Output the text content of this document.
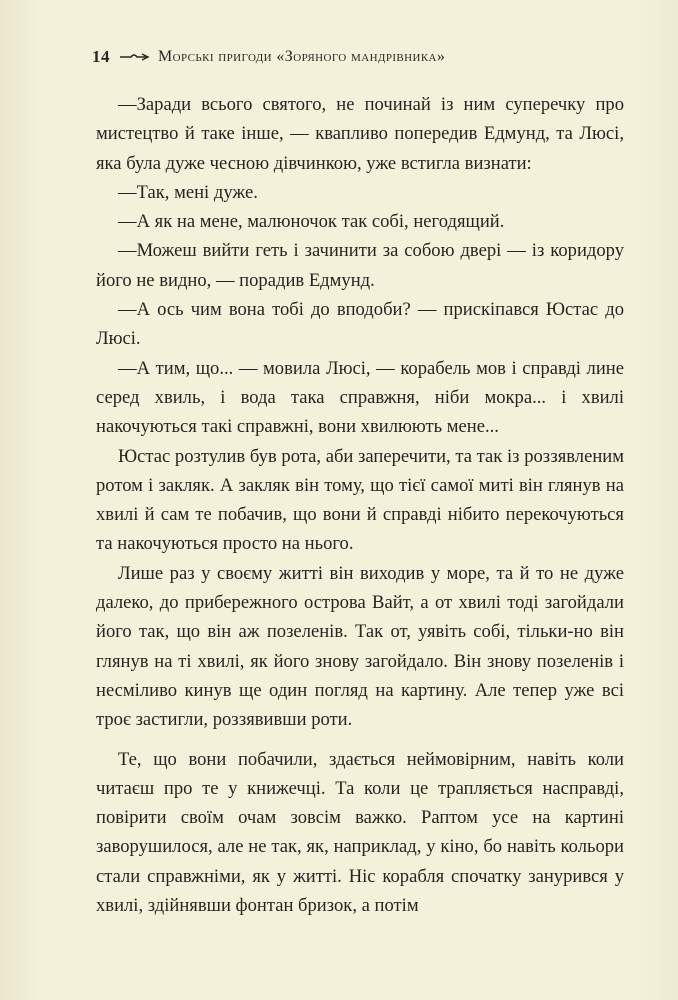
14	Морські пригоди «Зоряного мандрівника»

—Заради всього святого, не починай із ним суперечку про мистецтво й таке інше, — квапливо попередив Едмунд, та Люсі, яка була дуже чесною дівчинкою, уже встигла визнати:

—Так, мені дуже.

—А як на мене, малюночок так собі, негодящий.

—Можеш вийти геть і зачинити за собою двері — із коридору його не видно, — порадив Едмунд.

—А ось чим вона тобі до вподоби? — прискіпався Юстас до Люсі.

—А тим, що... — мовила Люсі, — корабель мов і справді лине серед хвиль, і вода така справжня, ніби мокра... і хвилі накочуються такі справжні, вони хвилюють мене...

Юстас розтулив був рота, аби заперечити, та так із роззявленим ротом і закляк. А закляк він тому, що тієї самої миті він глянув на хвилі й сам те побачив, що вони й справді нібито перекочуються та накочуються просто на нього.

Лише раз у своєму житті він виходив у море, та й то не дуже далеко, до прибережного острова Вайт, а от хвилі тоді загойдали його так, що він аж позеленів. Так от, уявіть собі, тільки-но він глянув на ті хвилі, як його знову загойдало. Він знову позеленів і несміливо кинув ще один погляд на картину. Але тепер уже всі троє застигли, роззявивши роти.

Те, що вони побачили, здається неймовірним, навіть коли читаєш про те у книжечці. Та коли це трапляється насправді, повірити своїм очам зовсім важко. Раптом усе на картині заворушилося, але не так, як, наприклад, у кіно, бо навіть кольори стали справжніми, як у житті. Ніс корабля спочатку занурився у хвилі, здійнявши фонтан бризок, а потім
